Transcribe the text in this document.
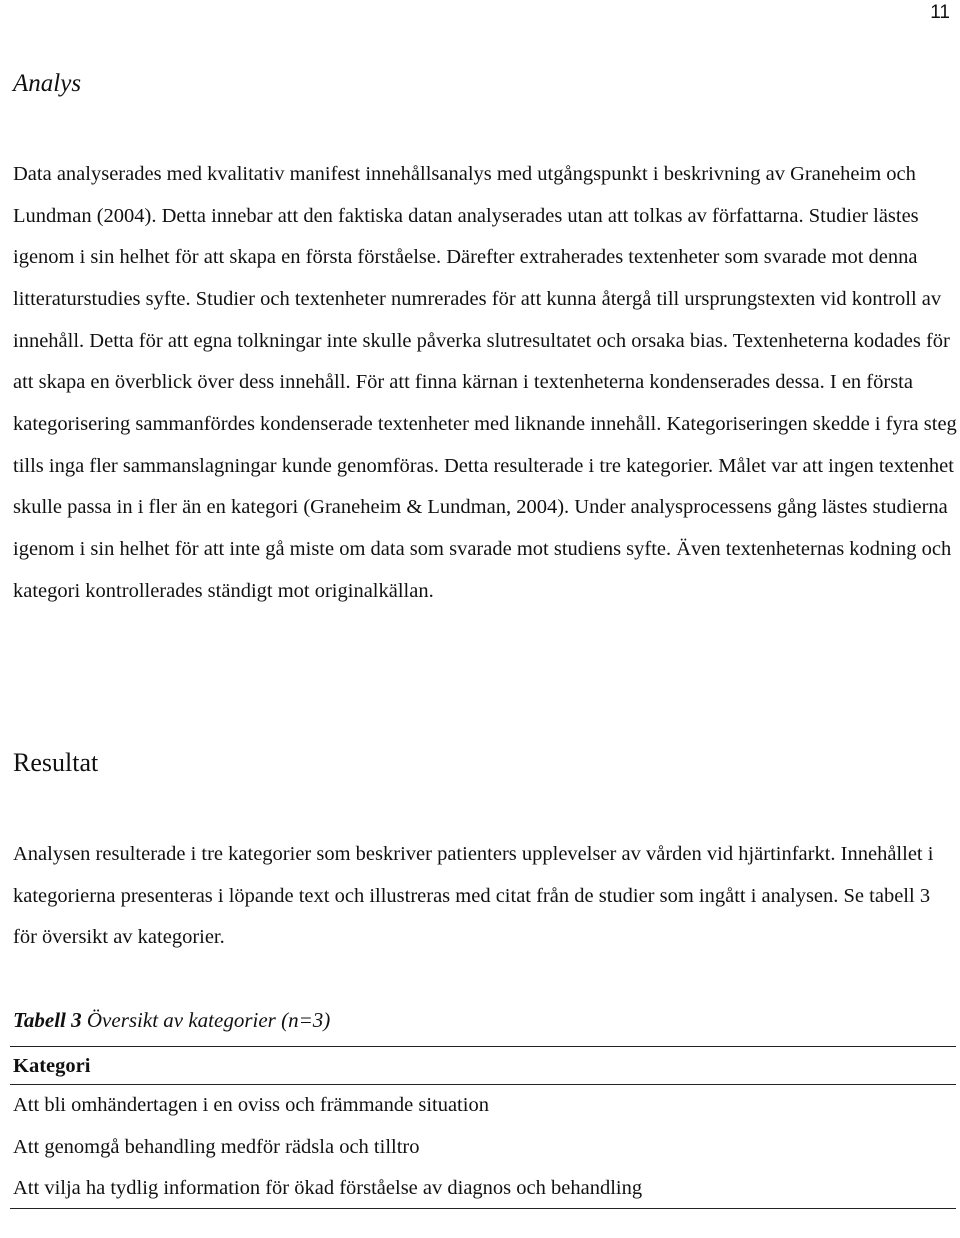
11
Analys

Data analyserades med kvalitativ manifest innehållsanalys med utgångspunkt i beskrivning av Graneheim och Lundman (2004). Detta innebar att den faktiska datan analyserades utan att tolkas av författarna. Studier lästes igenom i sin helhet för att skapa en första förståelse. Därefter extraherades textenheter som svarade mot denna litteraturstudies syfte. Studier och textenheter numrerades för att kunna återgå till ursprungstexten vid kontroll av innehåll. Detta för att egna tolkningar inte skulle påverka slutresultatet och orsaka bias. Textenheterna kodades för att skapa en överblick över dess innehåll. För att finna kärnan i textenheterna kondenserades dessa. I en första kategorisering sammanfördes kondenserade textenheter med liknande innehåll. Kategoriseringen skedde i fyra steg tills inga fler sammanslagningar kunde genomföras. Detta resulterade i tre kategorier. Målet var att ingen textenhet skulle passa in i fler än en kategori (Graneheim & Lundman, 2004). Under analysprocessens gång lästes studierna igenom i sin helhet för att inte gå miste om data som svarade mot studiens syfte. Även textenheternas kodning och kategori kontrollerades ständigt mot originalkällan.

Resultat

Analysen resulterade i tre kategorier som beskriver patienters upplevelser av vården vid hjärtinfarkt. Innehållet i kategorierna presenteras i löpande text och illustreras med citat från de studier som ingått i analysen. Se tabell 3 för översikt av kategorier.

Tabell 3 Översikt av kategorier (n=3)
Kategori
Att bli omhändertagen i en oviss och främmande situation
Att genomgå behandling medför rädsla och tilltro
Att vilja ha tydlig information för ökad förståelse av diagnos och behandling
